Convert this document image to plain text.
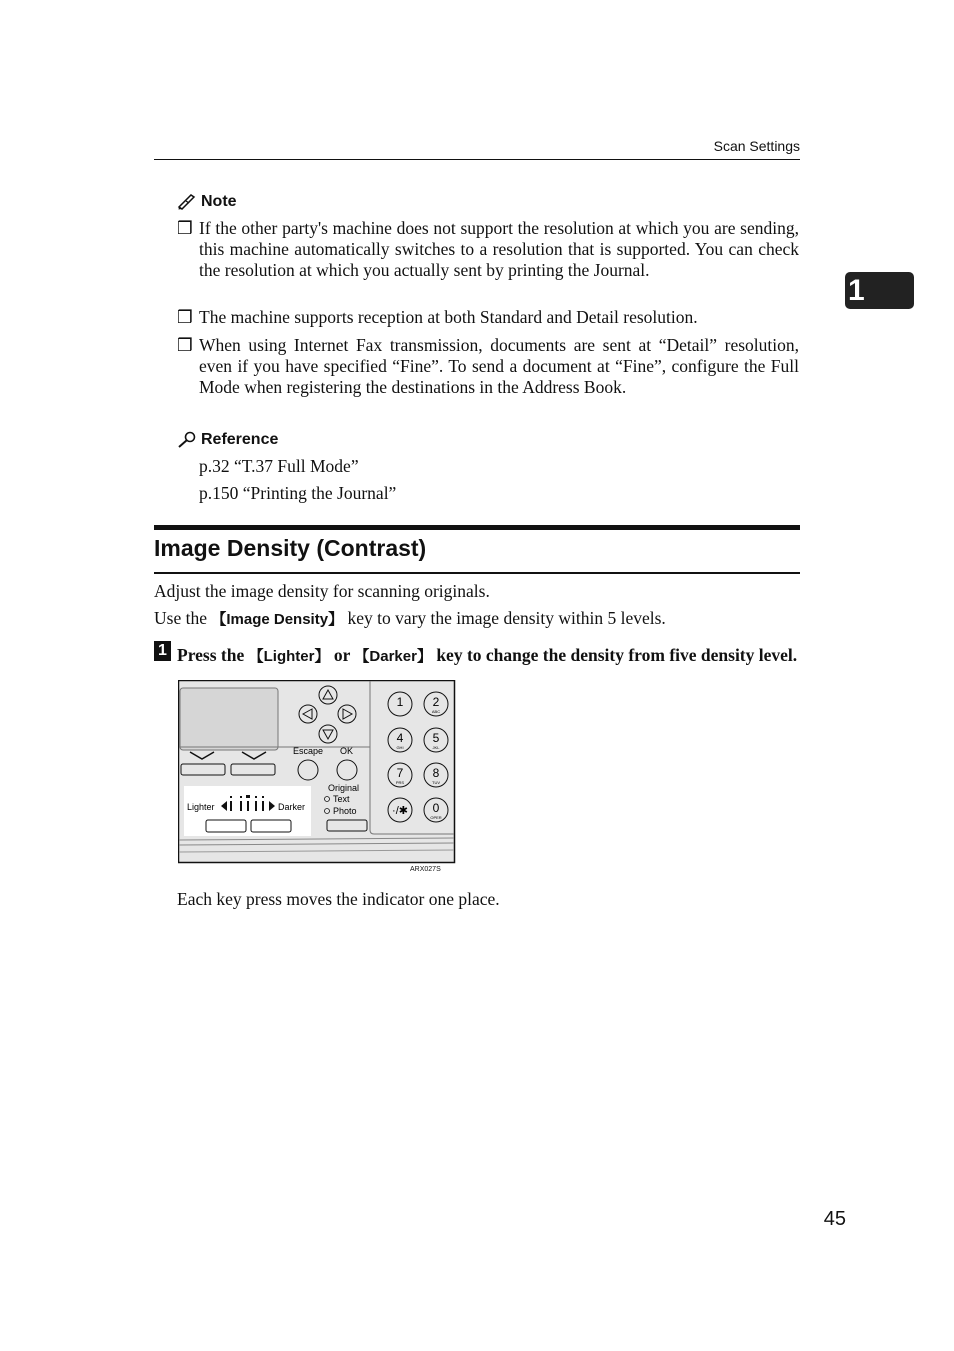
Scan Settings
1
Note
❒ If the other party's machine does not support the resolution at which you are sending, this machine automatically switches to a resolution that is supported. You can check the resolution at which you actually sent by printing the Journal.
❒ The machine supports reception at both Standard and Detail resolution.
❒ When using Internet Fax transmission, documents are sent at “Detail” resolution, even if you have specified “Fine”. To send a document at “Fine”, configure the Full Mode when registering the destinations in the Address Book.
Reference
p.32 “T.37 Full Mode”
p.150 “Printing the Journal”
Image Density (Contrast)
Adjust the image density for scanning originals.
Use the 【Image Density】 key to vary the image density within 5 levels.
1 Press the 【Lighter】 or 【Darker】 key to change the density from five density level.
Escape OK
Original
Text
Photo
Lighter	Darker
1 2
ABC
4
GHI
5
JKL
7
PRS
8
TUV
·/✱ 0
OPER
ARX027S
Each key press moves the indicator one place.
45
